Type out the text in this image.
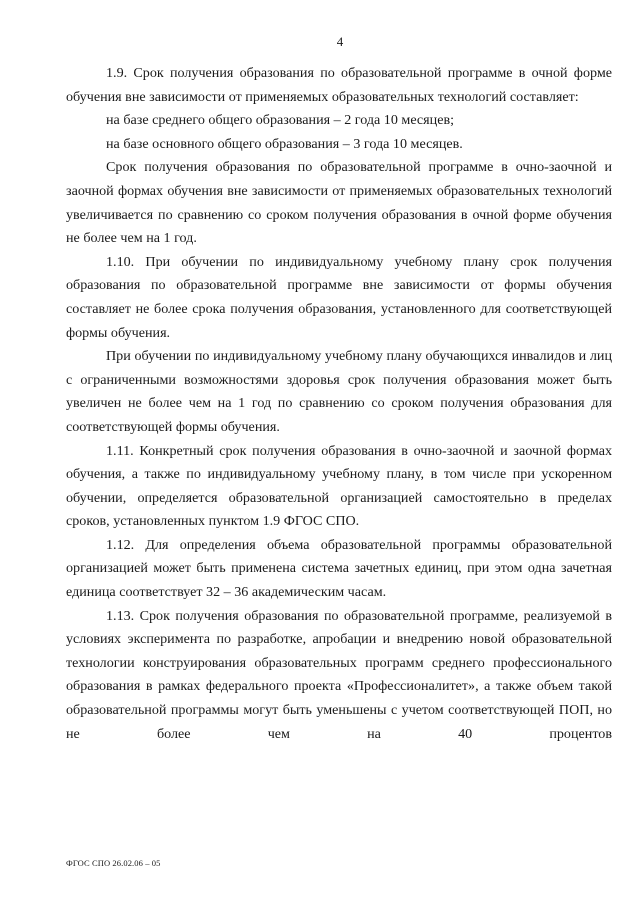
4

1.9. Срок получения образования по образовательной программе в очной форме обучения вне зависимости от применяемых образовательных технологий составляет:

на базе среднего общего образования – 2 года 10 месяцев;

на базе основного общего образования – 3 года 10 месяцев.

Срок получения образования по образовательной программе в очно-заочной и заочной формах обучения вне зависимости от применяемых образовательных технологий увеличивается по сравнению со сроком получения образования в очной форме обучения не более чем на 1 год.

1.10. При обучении по индивидуальному учебному плану срок получения образования по образовательной программе вне зависимости от формы обучения составляет не более срока получения образования, установленного для соответствующей формы обучения.

При обучении по индивидуальному учебному плану обучающихся инвалидов и лиц с ограниченными возможностями здоровья срок получения образования может быть увеличен не более чем на 1 год по сравнению со сроком получения образования для соответствующей формы обучения.

1.11. Конкретный срок получения образования в очно-заочной и заочной формах обучения, а также по индивидуальному учебному плану, в том числе при ускоренном обучении, определяется образовательной организацией самостоятельно в пределах сроков, установленных пунктом 1.9 ФГОС СПО.

1.12. Для определения объема образовательной программы образовательной организацией может быть применена система зачетных единиц, при этом одна зачетная единица соответствует 32 – 36 академическим часам.

1.13. Срок получения образования по образовательной программе, реализуемой в условиях эксперимента по разработке, апробации и внедрению новой образовательной технологии конструирования образовательных программ среднего профессионального образования в рамках федерального проекта «Профессионалитет», а также объем такой образовательной программы могут быть уменьшены с учетом соответствующей ПОП, но не более чем на 40 процентов

ФГОС СПО 26.02.06 – 05
